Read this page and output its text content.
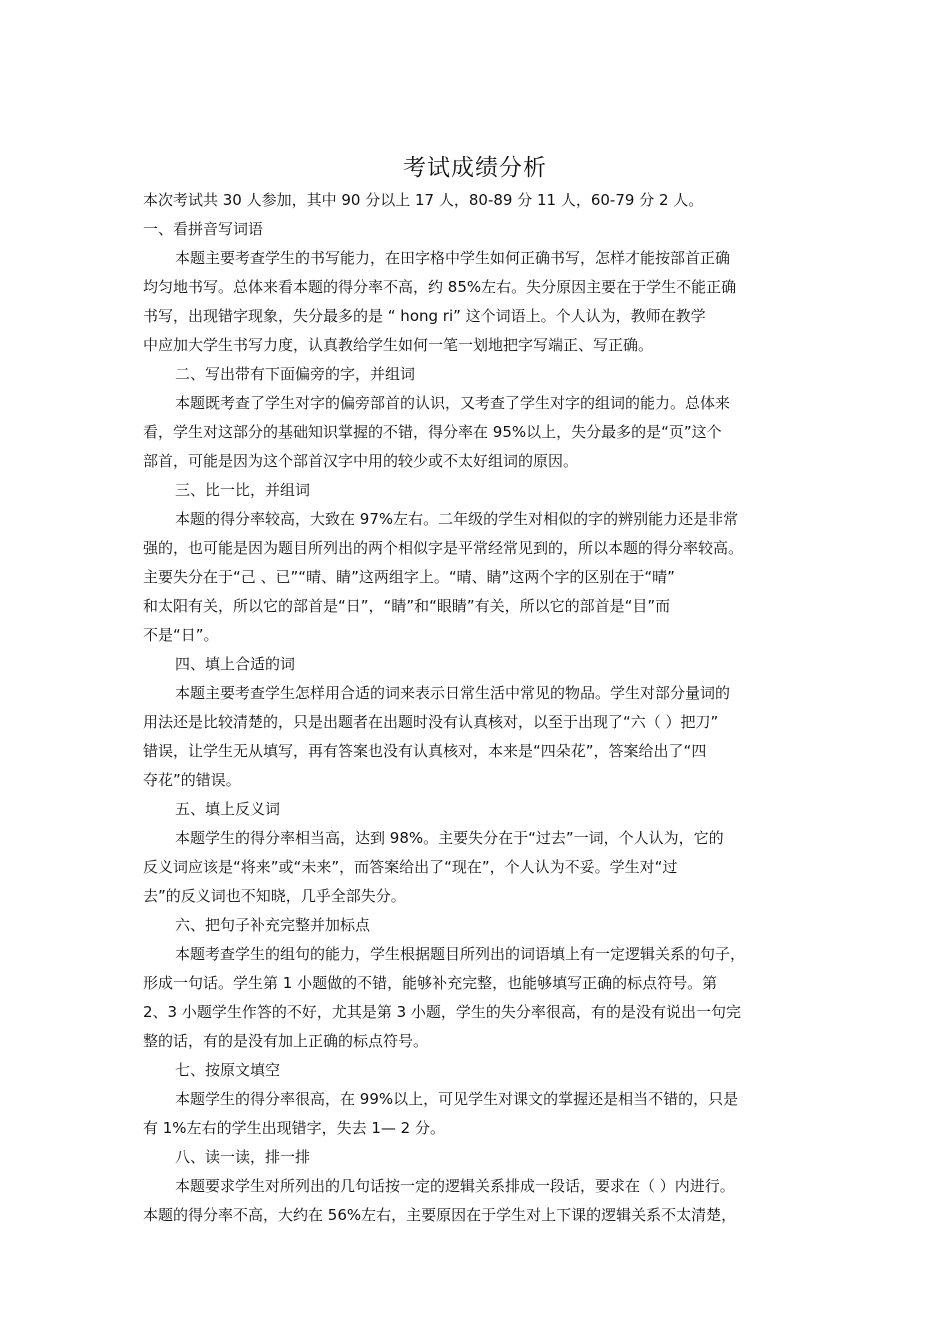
考试成绩分析
本次考试共 30 人参加，其中 90 分以上 17 人，80-89 分 11 人，60-79 分 2 人。
一、看拼音写词语
本题主要考查学生的书写能力，在田字格中学生如何正确书写，怎样才能按部首正确
均匀地书写。总体来看本题的得分率不高，约 85%左右。失分原因主要在于学生不能正确
书写，出现错字现象，失分最多的是 “ hong ri” 这个词语上。个人认为，教师在教学
中应加大学生书写力度，认真教给学生如何一笔一划地把字写端正、写正确。
二、写出带有下面偏旁的字，并组词
本题既考查了学生对字的偏旁部首的认识，又考查了学生对字的组词的能力。总体来
看，学生对这部分的基础知识掌握的不错，得分率在 95%以上，失分最多的是“页”这个
部首，可能是因为这个部首汉字中用的较少或不太好组词的原因。
三、比一比，并组词
本题的得分率较高，大致在 97%左右。二年级的学生对相似的字的辨别能力还是非常
强的，也可能是因为题目所列出的两个相似字是平常经常见到的，所以本题的得分率较高。
主要失分在于“己 、已”“晴、睛”这两组字上。“晴、睛”这两个字的区别在于“晴”
和太阳有关，所以它的部首是“日”，“睛”和“眼睛”有关，所以它的部首是“目”而
不是“日”。
四、填上合适的词
本题主要考查学生怎样用合适的词来表示日常生活中常见的物品。学生对部分量词的
用法还是比较清楚的，只是出题者在出题时没有认真核对，以至于出现了“六（ ）把刀”
错误，让学生无从填写，再有答案也没有认真核对，本来是“四朵花”，答案给出了“四
夺花”的错误。
五、填上反义词
本题学生的得分率相当高，达到 98%。主要失分在于“过去”一词，个人认为，它的
反义词应该是“将来”或“未来”，而答案给出了“现在”，个人认为不妥。学生对“过
去”的反义词也不知晓，几乎全部失分。
六、把句子补充完整并加标点
本题考查学生的组句的能力，学生根据题目所列出的词语填上有一定逻辑关系的句子，
形成一句话。学生第 1 小题做的不错，能够补充完整，也能够填写正确的标点符号。第
2、3 小题学生作答的不好，尤其是第 3 小题，学生的失分率很高，有的是没有说出一句完
整的话，有的是没有加上正确的标点符号。
七、按原文填空
本题学生的得分率很高，在 99%以上，可见学生对课文的掌握还是相当不错的，只是
有 1%左右的学生出现错字，失去 1— 2 分。
八、读一读，排一排
本题要求学生对所列出的几句话按一定的逻辑关系排成一段话，要求在（ ）内进行。
本题的得分率不高，大约在 56%左右，主要原因在于学生对上下课的逻辑关系不太清楚，
